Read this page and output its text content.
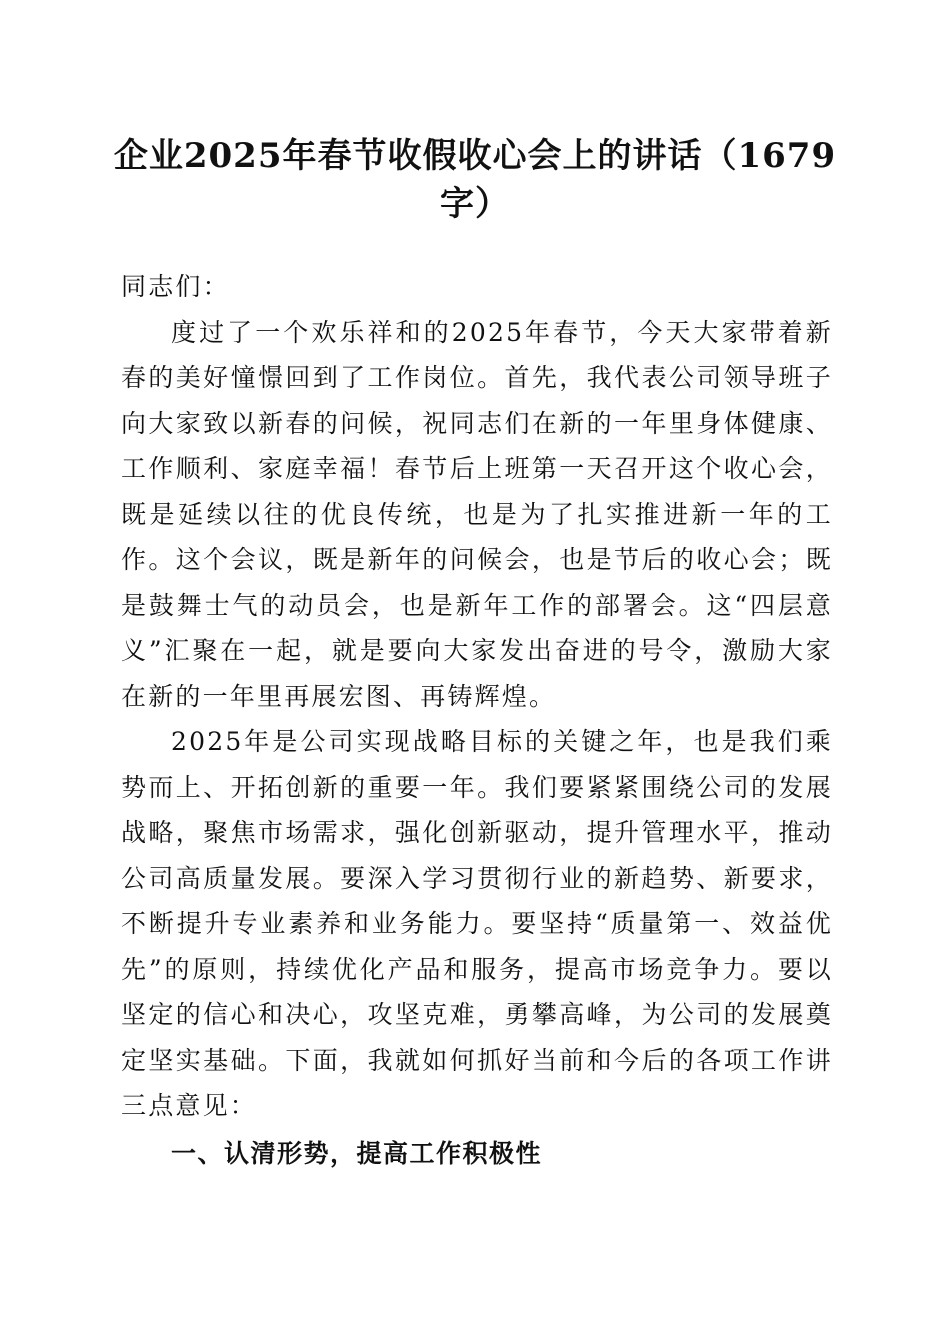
企业2025年春节收假收心会上的讲话（1679字）

同志们：

度过了一个欢乐祥和的2025年春节，今天大家带着新春的美好憧憬回到了工作岗位。首先，我代表公司领导班子向大家致以新春的问候，祝同志们在新的一年里身体健康、工作顺利、家庭幸福！春节后上班第一天召开这个收心会，既是延续以往的优良传统，也是为了扎实推进新一年的工作。这个会议，既是新年的问候会，也是节后的收心会；既是鼓舞士气的动员会，也是新年工作的部署会。这“四层意义”汇聚在一起，就是要向大家发出奋进的号令，激励大家在新的一年里再展宏图、再铸辉煌。

2025年是公司实现战略目标的关键之年，也是我们乘势而上、开拓创新的重要一年。我们要紧紧围绕公司的发展战略，聚焦市场需求，强化创新驱动，提升管理水平，推动公司高质量发展。要深入学习贯彻行业的新趋势、新要求，不断提升专业素养和业务能力。要坚持“质量第一、效益优先”的原则，持续优化产品和服务，提高市场竞争力。要以坚定的信心和决心，攻坚克难，勇攀高峰，为公司的发展奠定坚实基础。下面，我就如何抓好当前和今后的各项工作讲三点意见：

一、认清形势，提高工作积极性
